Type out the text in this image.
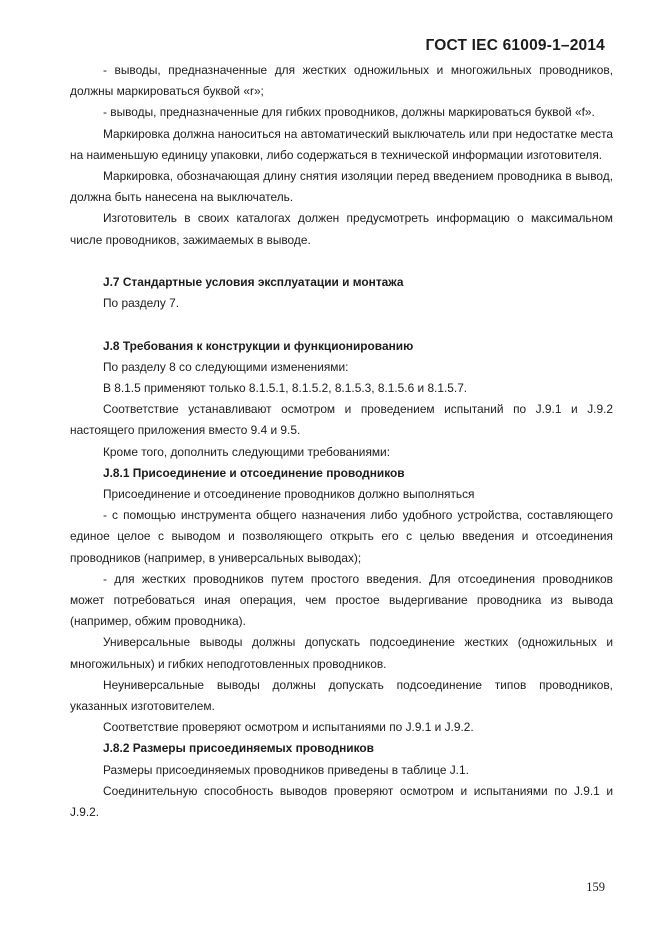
ГОСТ IEC 61009-1–2014

- выводы, предназначенные для жестких одножильных и многожильных проводников, должны маркироваться буквой «r»;

- выводы, предназначенные для гибких проводников, должны маркироваться буквой «f».

Маркировка должна наноситься на автоматический выключатель или при недостатке места на наименьшую единицу упаковки, либо содержаться в технической информации изготовителя.

Маркировка, обозначающая длину снятия изоляции перед введением проводника в вывод, должна быть нанесена на выключатель.

Изготовитель в своих каталогах должен предусмотреть информацию о максимальном числе проводников, зажимаемых в выводе.

J.7 Стандартные условия эксплуатации и монтажа

По разделу 7.

J.8 Требования к конструкции и функционированию

По разделу 8 со следующими изменениями:

В 8.1.5 применяют только 8.1.5.1, 8.1.5.2, 8.1.5.3, 8.1.5.6 и 8.1.5.7.

Соответствие устанавливают осмотром и проведением испытаний по J.9.1 и J.9.2 настоящего приложения вместо 9.4 и 9.5.

Кроме того, дополнить следующими требованиями:

J.8.1 Присоединение и отсоединение проводников

Присоединение и отсоединение проводников должно выполняться

- с помощью инструмента общего назначения либо удобного устройства, составляющего единое целое с выводом и позволяющего открыть его с целью введения и отсоединения проводников (например, в универсальных выводах);

- для жестких проводников путем простого введения. Для отсоединения проводников может потребоваться иная операция, чем простое выдергивание проводника из вывода (например, обжим проводника).

Универсальные выводы должны допускать подсоединение жестких (одножильных и многожильных) и гибких неподготовленных проводников.

Неуниверсальные выводы должны допускать подсоединение типов проводников, указанных изготовителем.

Соответствие проверяют осмотром и испытаниями по J.9.1 и J.9.2.

J.8.2 Размеры присоединяемых проводников

Размеры присоединяемых проводников приведены в таблице J.1.

Соединительную способность выводов проверяют осмотром и испытаниями по J.9.1 и J.9.2.

159
